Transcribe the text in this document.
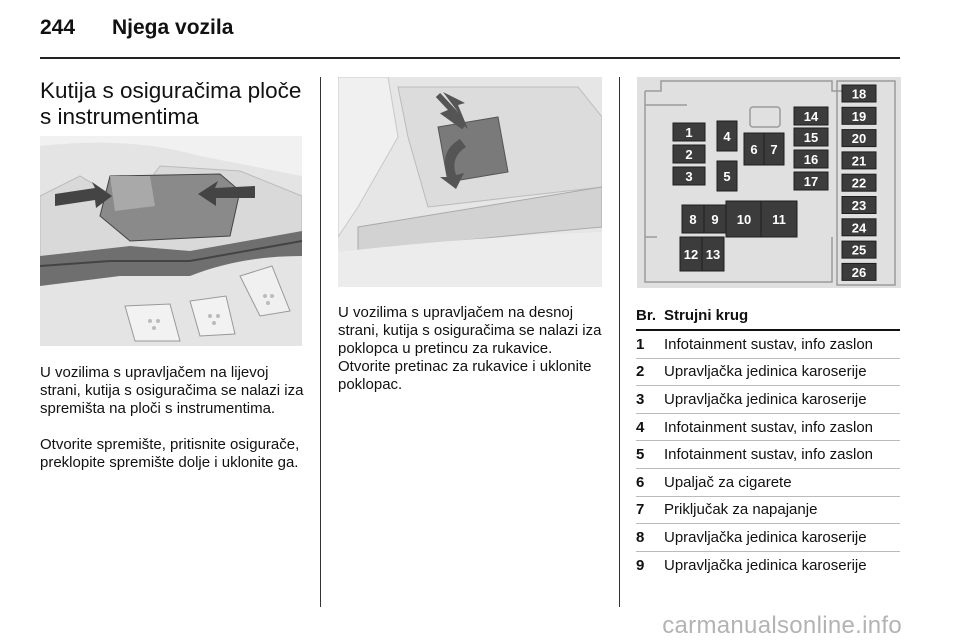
244 Njega vozila
Kutija s osiguračima ploče s instrumentima

U vozilima s upravljačem na lijevoj strani, kutija s osiguračima se nalazi iza spremišta na ploči s instrumentima.

Otvorite spremište, pritisnite osigurače, preklopite spremište dolje i uklonite ga.

U vozilima s upravljačem na desnoj strani, kutija s osiguračima se nalazi iza poklopca u pretincu za rukavice. Otvorite pretinac za rukavice i uklonite poklopac.

1
2
3
4
5
6 7
8 9 10 11
12 13
14
15
16
17
18
19
20
21
22
23
24
25
26
Br. Strujni krug
1	Infotainment sustav, info zaslon
2	Upravljačka jedinica karoserije
3	Upravljačka jedinica karoserije
4	Infotainment sustav, info zaslon
5	Infotainment sustav, info zaslon
6	Upaljač za cigarete
7	Priključak za napajanje
8	Upravljačka jedinica karoserije
9	Upravljačka jedinica karoserije
carmanualsonline.info
